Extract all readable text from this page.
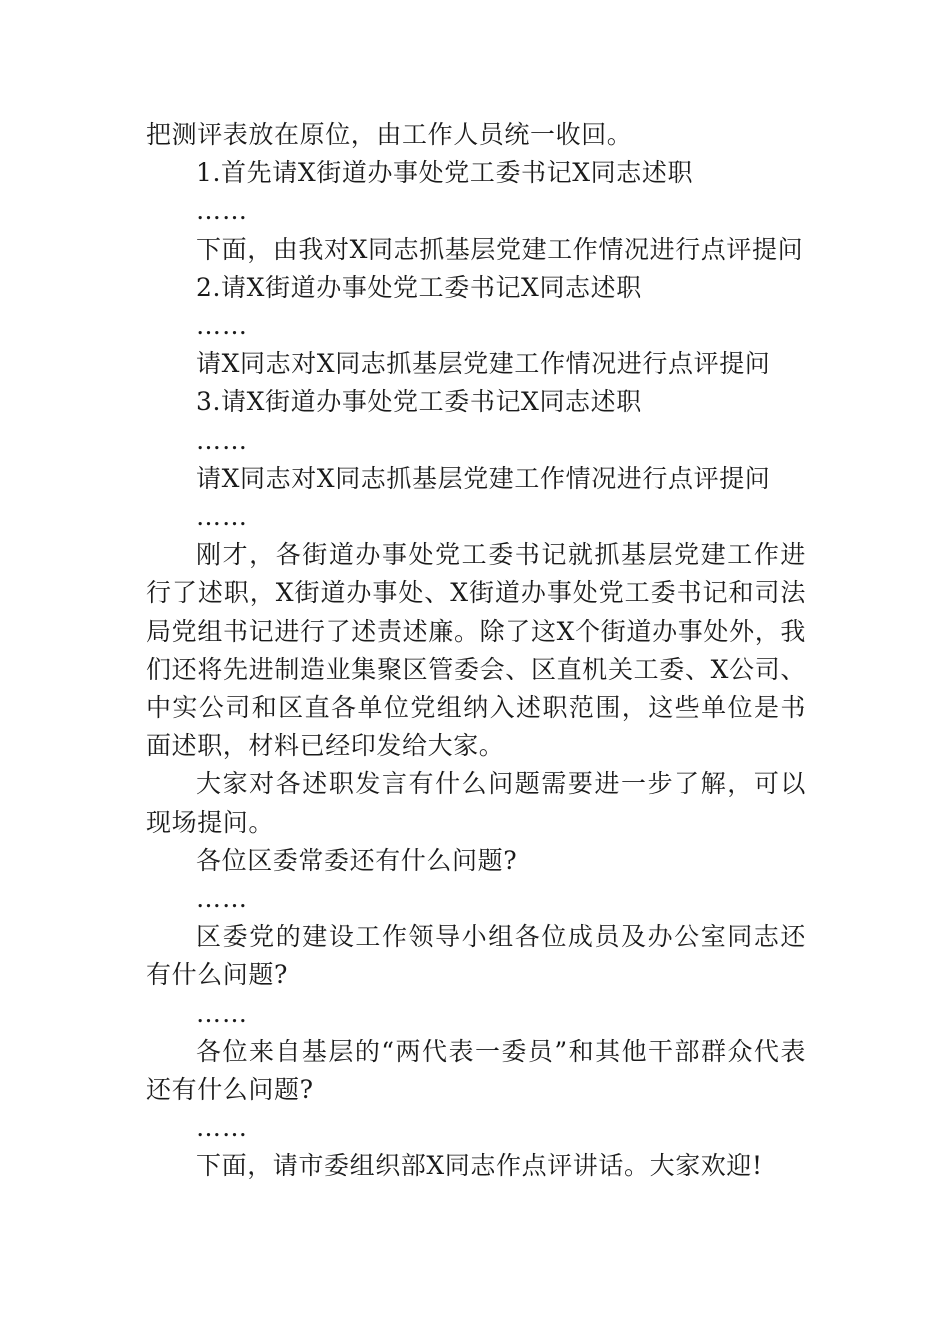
把测评表放在原位，由工作人员统一收回。

1.首先请X街道办事处党工委书记X同志述职

……

下面，由我对X同志抓基层党建工作情况进行点评提问

2.请X街道办事处党工委书记X同志述职

……

请X同志对X同志抓基层党建工作情况进行点评提问

3.请X街道办事处党工委书记X同志述职

……

请X同志对X同志抓基层党建工作情况进行点评提问

……

刚才，各街道办事处党工委书记就抓基层党建工作进行了述职，X街道办事处、X街道办事处党工委书记和司法局党组书记进行了述责述廉。除了这X个街道办事处外，我们还将先进制造业集聚区管委会、区直机关工委、X公司、中实公司和区直各单位党组纳入述职范围，这些单位是书面述职，材料已经印发给大家。

大家对各述职发言有什么问题需要进一步了解，可以现场提问。

各位区委常委还有什么问题?

……

区委党的建设工作领导小组各位成员及办公室同志还有什么问题?

……

各位来自基层的“两代表一委员”和其他干部群众代表还有什么问题?

……

下面，请市委组织部X同志作点评讲话。大家欢迎!
